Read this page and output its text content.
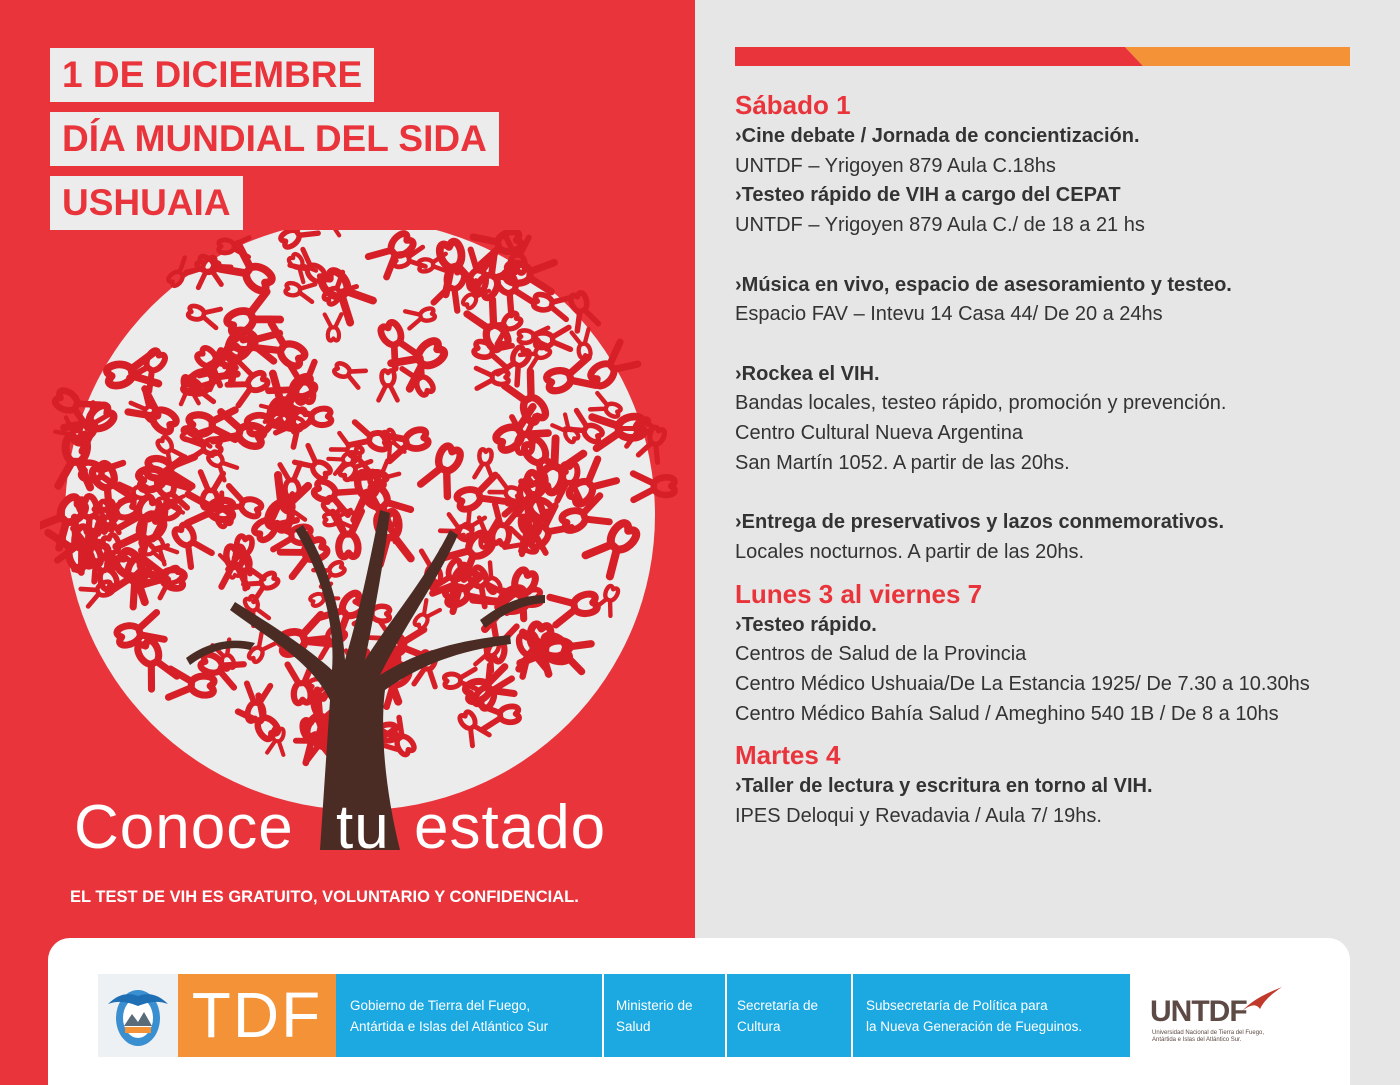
1 DE DICIEMBRE
DÍA MUNDIAL DEL SIDA
USHUAIA
Conoce tu estado
EL TEST DE VIH ES GRATUITO, VOLUNTARIO Y CONFIDENCIAL.
Sábado 1
›Cine debate / Jornada de concientización.
UNTDF – Yrigoyen 879 Aula C.18hs
›Testeo rápido de VIH a cargo del CEPAT
UNTDF – Yrigoyen 879 Aula C./ de 18 a 21 hs
›Música en vivo, espacio de asesoramiento y testeo.
Espacio FAV – Intevu 14 Casa 44/ De 20 a 24hs
›Rockea el VIH.
Bandas locales, testeo rápido, promoción y prevención.
Centro Cultural Nueva Argentina
San Martín 1052. A partir de las 20hs.
›Entrega de preservativos y lazos conmemorativos.
Locales nocturnos. A partir de las 20hs.
Lunes 3 al viernes 7
›Testeo rápido.
Centros de Salud de la Provincia
Centro Médico Ushuaia/De La Estancia 1925/ De 7.30 a 10.30hs
Centro Médico Bahía Salud / Ameghino 540 1B / De 8 a 10hs
Martes 4
›Taller de lectura y escritura en torno al VIH.
IPES Deloqui y Revadavia / Aula 7/ 19hs.
TDF	Gobierno de Tierra del Fuego,
Antártida e Islas del Atlántico Sur
Ministerio de
Salud
Secretaría de
Cultura
Subsecretaría de Política para
la Nueva Generación de Fueguinos.	UNTDF
Universidad Nacional de Tierra del Fuego, Antártida e Islas del Atlántico Sur.
